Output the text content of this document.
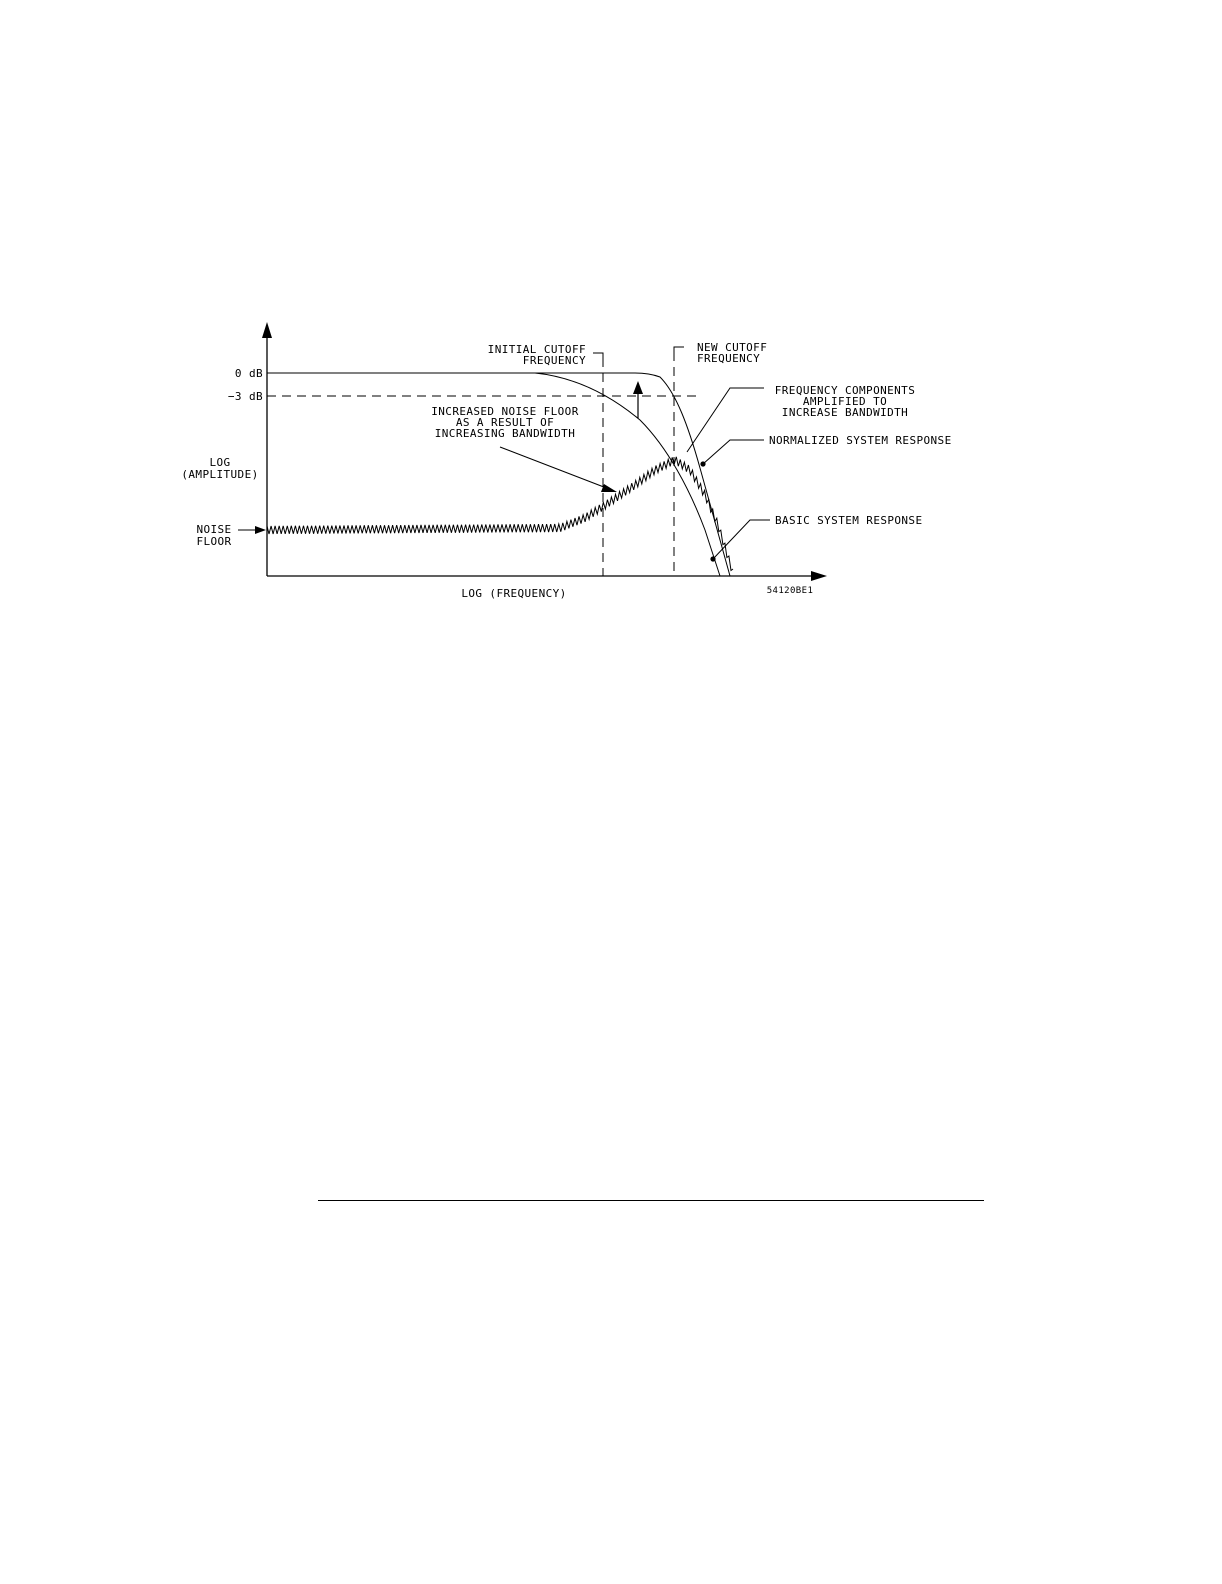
0 dB
−3 dB
LOG
(AMPLITUDE)
NOISE
FLOOR
INITIAL CUTOFF
FREQUENCY
NEW CUTOFF
FREQUENCY
FREQUENCY COMPONENTS
AMPLIFIED TO
INCREASE BANDWIDTH
NORMALIZED SYSTEM RESPONSE
BASIC SYSTEM RESPONSE
INCREASED NOISE FLOOR
AS A RESULT OF
INCREASING BANDWIDTH
LOG (FREQUENCY)	54120BE1
